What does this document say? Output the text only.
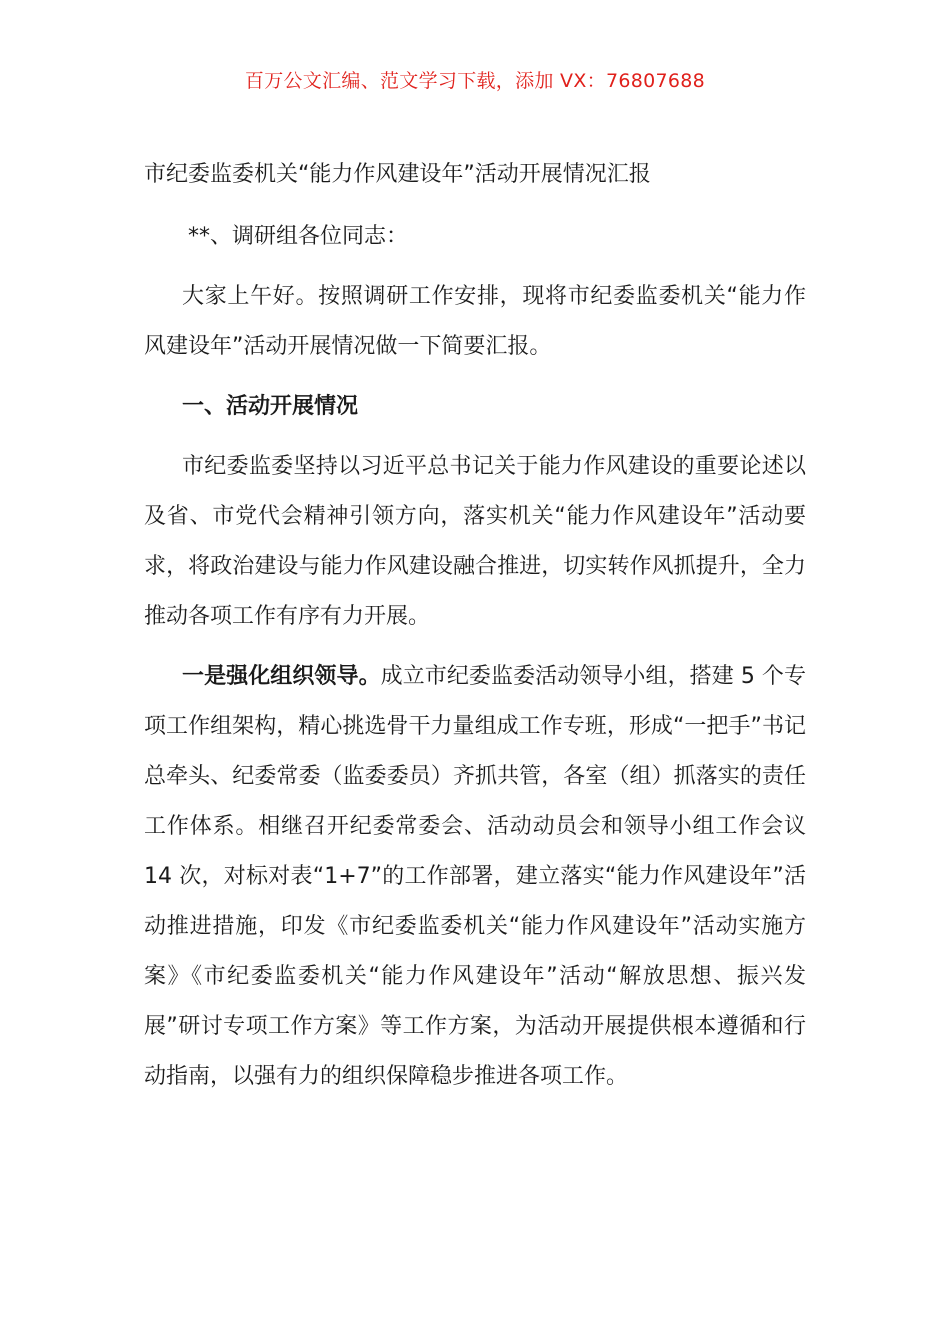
百万公文汇编、范文学习下载，添加 VX：76807688
市纪委监委机关“能力作风建设年”活动开展情况汇报
**、调研组各位同志：

大家上午好。按照调研工作安排，现将市纪委监委机关“能力作风建设年”活动开展情况做一下简要汇报。

一、活动开展情况

市纪委监委坚持以习近平总书记关于能力作风建设的重要论述以及省、市党代会精神引领方向，落实机关“能力作风建设年”活动要求，将政治建设与能力作风建设融合推进，切实转作风抓提升，全力推动各项工作有序有力开展。

一是强化组织领导。成立市纪委监委活动领导小组，搭建 5 个专项工作组架构，精心挑选骨干力量组成工作专班，形成“一把手”书记总牵头、纪委常委（监委委员）齐抓共管，各室（组）抓落实的责任工作体系。相继召开纪委常委会、活动动员会和领导小组工作会议 14 次，对标对表“1+7”的工作部署，建立落实“能力作风建设年”活动推进措施，印发《市纪委监委机关“能力作风建设年”活动实施方案》《市纪委监委机关“能力作风建设年”活动“解放思想、振兴发展”研讨专项工作方案》等工作方案，为活动开展提供根本遵循和行动指南，以强有力的组织保障稳步推进各项工作。
